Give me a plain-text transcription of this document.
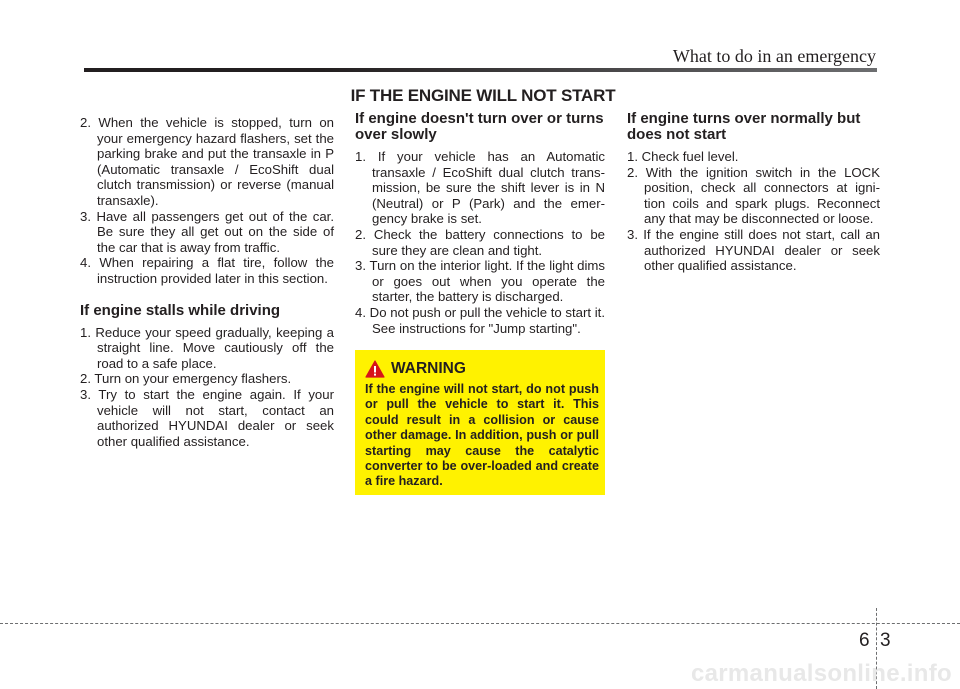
What to do in an emergency
IF THE ENGINE WILL NOT START
2. When the vehicle is stopped, turn on your emergency hazard flashers, set the parking brake and put the transaxle in P (Automatic transaxle / EcoShift dual clutch transmission) or reverse (manual transaxle).
3. Have all passengers get out of the car. Be sure they all get out on the side of the car that is away from traffic.
4. When repairing a flat tire, follow the instruction provided later in this section.
If engine stalls while driving
1. Reduce your speed gradually, keeping a straight line. Move cautiously off the road to a safe place.
2. Turn on your emergency flashers.
3. Try to start the engine again. If your vehicle will not start, contact an authorized HYUNDAI dealer or seek other qualified assistance.
If engine doesn't turn over or turns over slowly
1. If your vehicle has an Automatic transaxle / EcoShift dual clutch trans-mission, be sure the shift lever is in N (Neutral) or P (Park) and the emer-gency brake is set.
2. Check the battery connections to be sure they are clean and tight.
3. Turn on the interior light. If the light dims or goes out when you operate the starter, the battery is discharged.
4. Do not push or pull the vehicle to start it. See instructions for "Jump starting".
WARNING
If the engine will not start, do not push or pull the vehicle to start it. This could result in a collision or cause other damage. In addition, push or pull starting may cause the catalytic converter to be over-loaded and create a fire hazard.
If engine turns over normally but does not start
1. Check fuel level.
2. With the ignition switch in the LOCK position, check all connectors at igni-tion coils and spark plugs. Reconnect any that may be disconnected or loose.
3. If the engine still does not start, call an authorized HYUNDAI dealer or seek other qualified assistance.
6 3
carmanualsonline.info
